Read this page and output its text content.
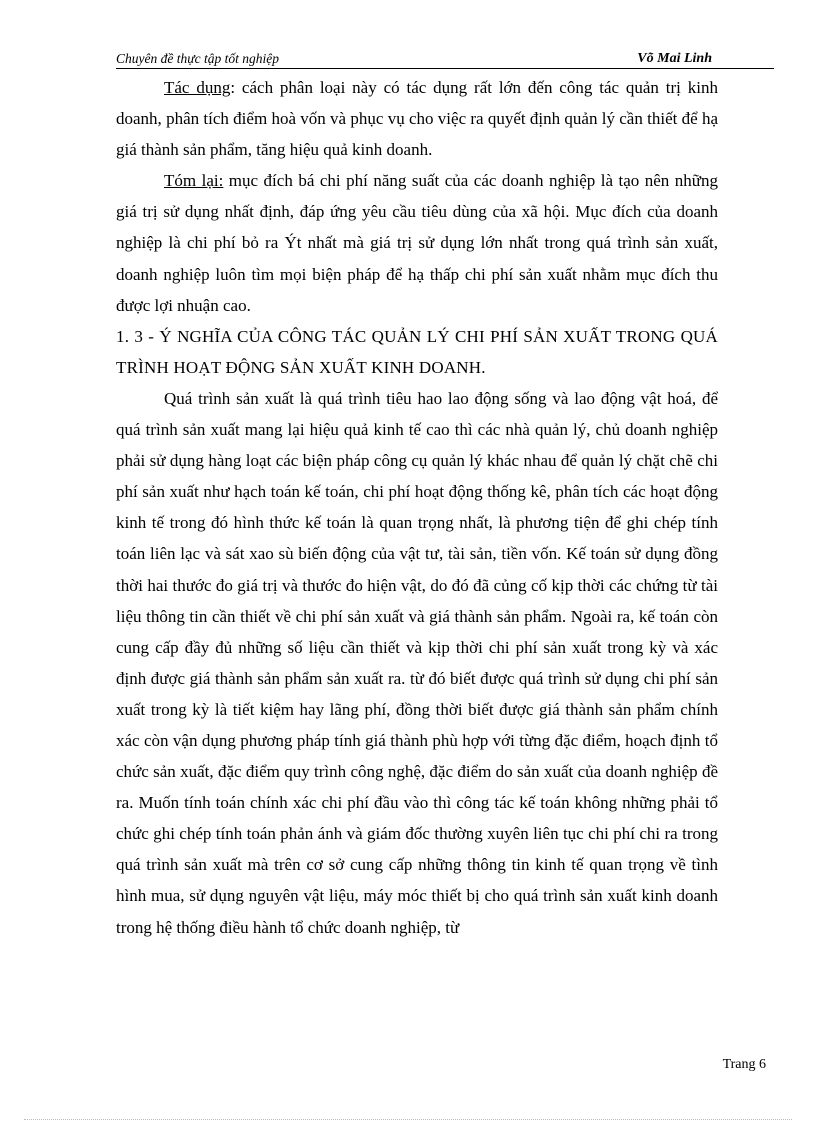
Chuyên đề thực tập tốt nghiệp	Võ Mai Linh

Tác dụng: cách phân loại này có tác dụng rất lớn đến công tác quản trị kinh doanh, phân tích điểm hoà vốn và phục vụ cho việc ra quyết định quản lý cần thiết để hạ giá thành sản phẩm, tăng hiệu quả kinh doanh.

Tóm lại: mục đích bá chi phí năng suất của các doanh nghiệp là tạo nên những giá trị sử dụng nhất định, đáp ứng yêu cầu tiêu dùng của xã hội. Mục đích của doanh nghiệp là chi phí bỏ ra Ýt nhất mà giá trị sử dụng lớn nhất trong quá trình sản xuất, doanh nghiệp luôn tìm mọi biện pháp để hạ thấp chi phí sản xuất nhằm mục đích thu được lợi nhuận cao.

1. 3 - Ý NGHĨA CỦA CÔNG TÁC QUẢN LÝ CHI PHÍ SẢN XUẤT TRONG QUÁ TRÌNH HOẠT ĐỘNG SẢN XUẤT KINH DOANH.

Quá trình sản xuất là quá trình tiêu hao lao động sống và lao động vật hoá, để quá trình sản xuất mang lại hiệu quả kinh tế cao thì các nhà quản lý, chủ doanh nghiệp phải sử dụng hàng loạt các biện pháp công cụ quản lý khác nhau để quản lý chặt chẽ chi phí sản xuất như hạch toán kế toán, chi phí hoạt động thống kê, phân tích các hoạt động kinh tế trong đó hình thức kế toán là quan trọng nhất, là phương tiện để ghi chép tính toán liên lạc và sát xao sù biến động của vật tư, tài sản, tiền vốn. Kế toán sử dụng đồng thời hai thước đo giá trị và thước đo hiện vật, do đó đã củng cố kịp thời các chứng từ tài liệu thông tin cần thiết về chi phí sản xuất và giá thành sản phẩm. Ngoài ra, kế toán còn cung cấp đầy đủ những số liệu cần thiết và kịp thời chi phí sản xuất trong kỳ và xác định được giá thành sản phẩm sản xuất ra. từ đó biết được quá trình sử dụng chi phí sản xuất trong kỳ là tiết kiệm hay lãng phí, đồng thời biết được giá thành sản phẩm chính xác còn vận dụng phương pháp tính giá thành phù hợp với từng đặc điểm, hoạch định tổ chức sản xuất, đặc điểm quy trình công nghệ, đặc điểm do sản xuất của doanh nghiệp đề ra. Muốn tính toán chính xác chi phí đầu vào thì công tác kế toán không những phải tổ chức ghi chép tính toán phản ánh và giám đốc thường xuyên liên tục chi phí chi ra trong quá trình sản xuất mà trên cơ sở cung cấp những thông tin kinh tế quan trọng về tình hình mua, sử dụng nguyên vật liệu, máy móc thiết bị cho quá trình sản xuất kinh doanh trong hệ thống điều hành tổ chức doanh nghiệp, từ

Trang 6
